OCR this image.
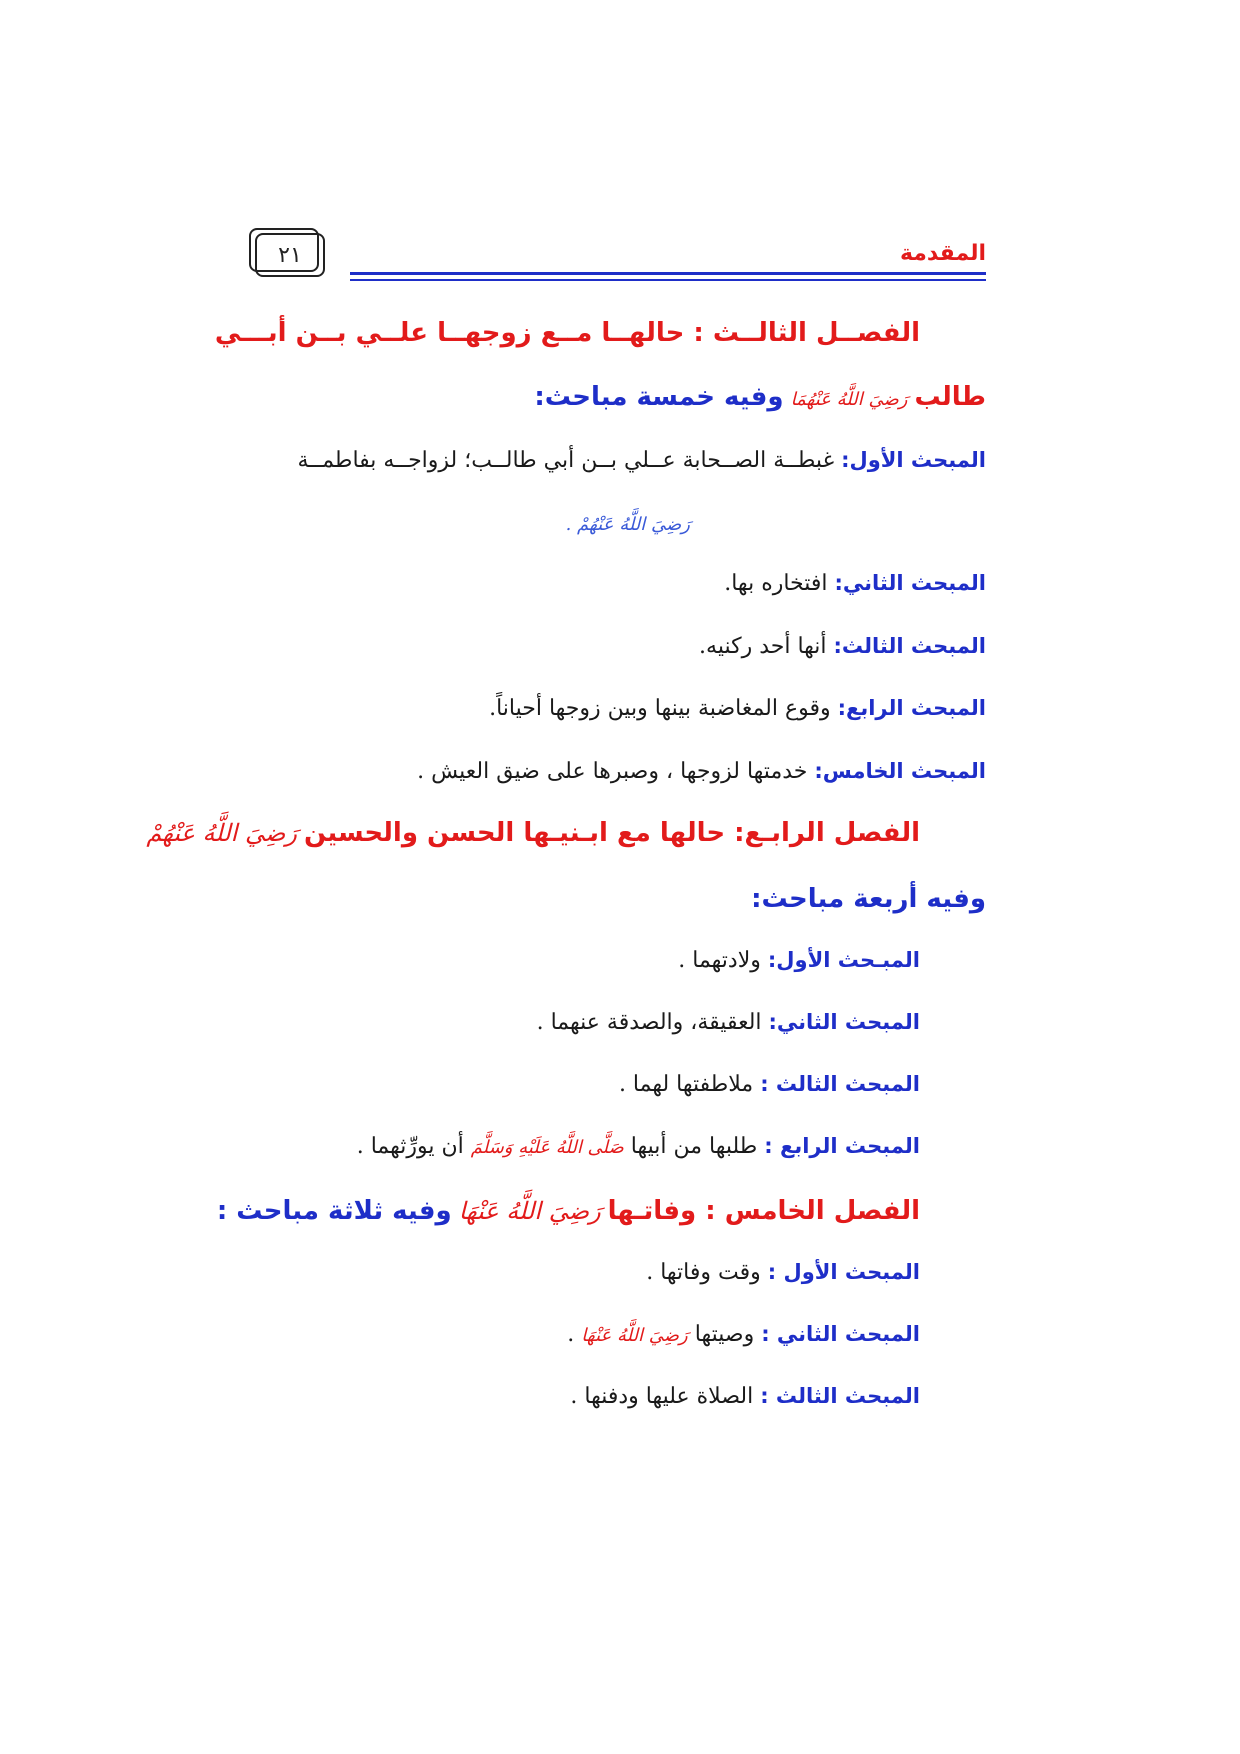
٢١	المقدمة
الفصــل الثالــث : حالهــا مــع زوجهــا علــي بــن أبـــي
طالب رَضِيَ اللَّهُ عَنْهُمَا وفيه خمسة مباحث:
المبحث الأول: غبطــة الصــحابة عــلي بــن أبي طالــب؛ لزواجــه بفاطمــة
رَضِيَ اللَّهُ عَنْهُمْ .
المبحث الثاني: افتخاره بها.
المبحث الثالث: أنها أحد ركنيه.
المبحث الرابع: وقوع المغاضبة بينها وبين زوجها أحياناً.
المبحث الخامس: خدمتها لزوجها ، وصبرها على ضيق العيش .
الفصل الرابـع: حالها مع ابـنيـها الحسن والحسين رَضِيَ اللَّهُ عَنْهُمْ
وفيه أربعة مباحث:
المبـحث الأول: ولادتهما .
المبحث الثاني: العقيقة، والصدقة عنهما .
المبحث الثالث : ملاطفتها لهما .
المبحث الرابع : طلبها من أبيها صَلَّى اللَّهُ عَلَيْهِ وَسَلَّمَ أن يورِّثهما .
الفصل الخامس : وفاتـها رَضِيَ اللَّهُ عَنْهَا وفيه ثلاثة مباحث :
المبحث الأول : وقت وفاتها .
المبحث الثاني : وصيتها رَضِيَ اللَّهُ عَنْهَا .
المبحث الثالث : الصلاة عليها ودفنها .
